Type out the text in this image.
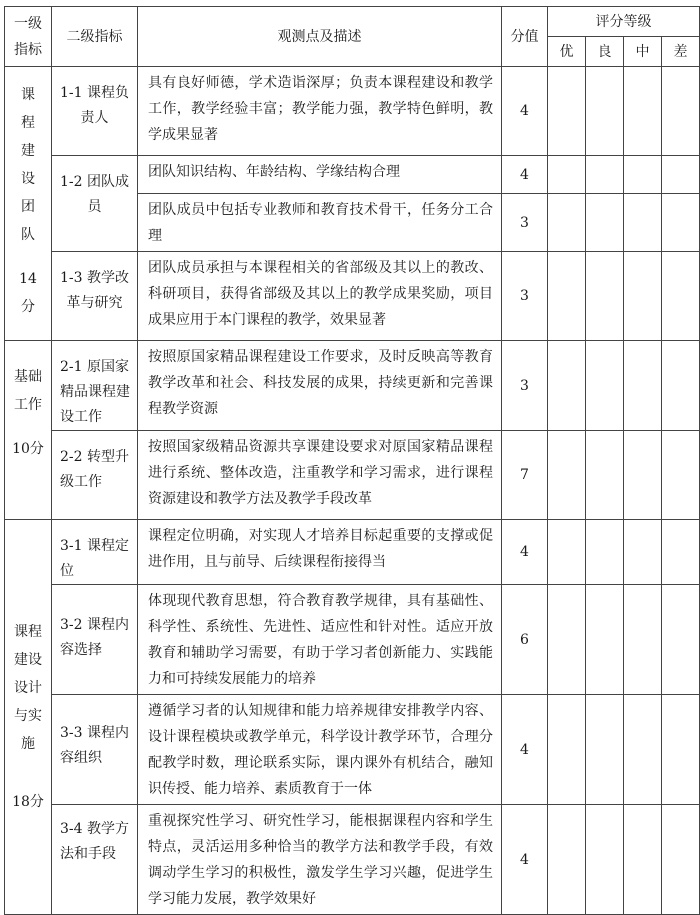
一级指标	二级指标	观测点及描述	分值	评分等级			
				优	良	中	差

课程建设团队
14分	1-1 课程负责人	具有良好师德，学术造诣深厚；负责本课程建设和教学工作，教学经验丰富；教学能力强，教学特色鲜明，教学成果显著	4				
	1-2 团队成员	团队知识结构、年龄结构、学缘结构合理	4				
		团队成员中包括专业教师和教育技术骨干，任务分工合理	3				
	1-3 教学改革与研究	团队成员承担与本课程相关的省部级及其以上的教改、科研项目，获得省部级及其以上的教学成果奖励，项目成果应用于本门课程的教学，效果显著	3				

基础工作
10分	2-1 原国家精品课程建设工作	按照原国家精品课程建设工作要求，及时反映高等教育教学改革和社会、科技发展的成果，持续更新和完善课程教学资源	3				
	2-2 转型升级工作	按照国家级精品资源共享课建设要求对原国家精品课程进行系统、整体改造，注重教学和学习需求，进行课程资源建设和教学方法及教学手段改革	7				

课程建设设计与实施
18分	3-1 课程定位	课程定位明确，对实现人才培养目标起重要的支撑或促进作用，且与前导、后续课程衔接得当	4				
	3-2 课程内容选择	体现现代教育思想，符合教育教学规律，具有基础性、科学性、系统性、先进性、适应性和针对性。适应开放教育和辅助学习需要，有助于学习者创新能力、实践能力和可持续发展能力的培养	6				
	3-3 课程内容组织	遵循学习者的认知规律和能力培养规律安排教学内容、设计课程模块或教学单元，科学设计教学环节，合理分配教学时数，理论联系实际，课内课外有机结合，融知识传授、能力培养、素质教育于一体	4				
	3-4 教学方法和手段	重视探究性学习、研究性学习，能根据课程内容和学生特点，灵活运用多种恰当的教学方法和教学手段，有效调动学生学习的积极性，激发学生学习兴趣，促进学生学习能力发展，教学效果好	4				
